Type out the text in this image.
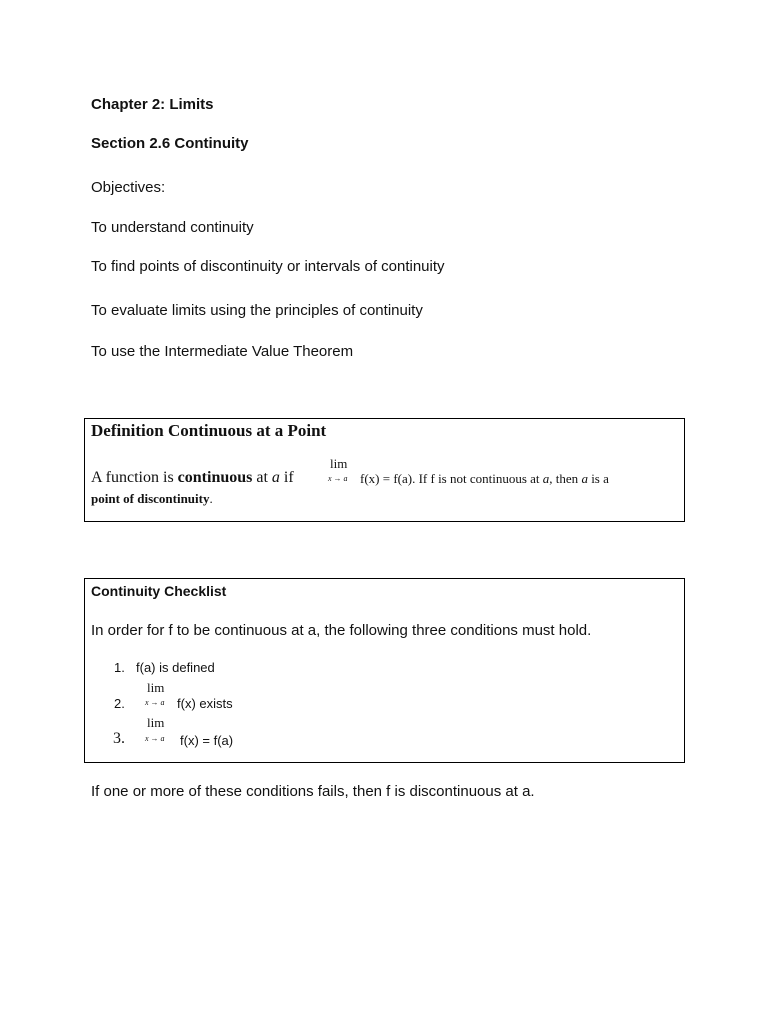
Chapter 2: Limits
Section 2.6 Continuity
Objectives:
To understand continuity
To find points of discontinuity or intervals of continuity
To evaluate limits using the principles of continuity
To use the Intermediate Value Theorem
Definition Continuous at a Point
A function is continuous at a if
lim
x → a f(x) = f(a). If f is not continuous at a, then a is a
point of discontinuity.
Continuity Checklist
In order for f to be continuous at a, the following three conditions must hold.
1. f(a) is defined
2.
lim
x → a f(x) exists
3.
lim
x → a f(x) = f(a)
If one or more of these conditions fails, then f is discontinuous at a.
